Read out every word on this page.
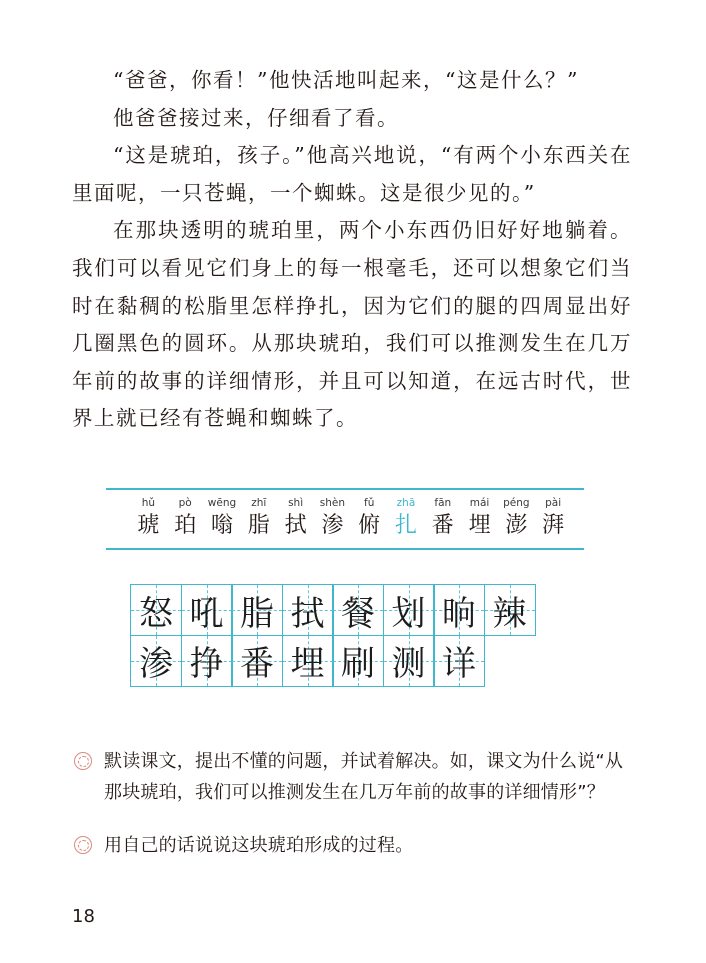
“爸爸，你看！”他快活地叫起来，“这是什么？”

他爸爸接过来，仔细看了看。

“这是琥珀，孩子。”他高兴地说，“有两个小东西关在里面呢，一只苍蝇，一个蜘蛛。这是很少见的。”

在那块透明的琥珀里，两个小东西仍旧好好地躺着。我们可以看见它们身上的每一根毫毛，还可以想象它们当时在黏稠的松脂里怎样挣扎，因为它们的腿的四周显出好几圈黑色的圆环。从那块琥珀，我们可以推测发生在几万年前的故事的详细情形，并且可以知道，在远古时代，世界上就已经有苍蝇和蜘蛛了。

hǔ
琥
pò
珀
wēng
嗡
zhī
脂
shì
拭
shèn
渗
fǔ
俯
zhā
扎
fān
番
mái
埋
péng
澎
pài
湃
怒 吼 脂 拭 餐 划 晌 辣
渗 挣 番 埋 刷 测 详

默读课文，提出不懂的问题，并试着解决。如，课文为什么说“从那块琥珀，我们可以推测发生在几万年前的故事的详细情形”？

用自己的话说说这块琥珀形成的过程。

18
